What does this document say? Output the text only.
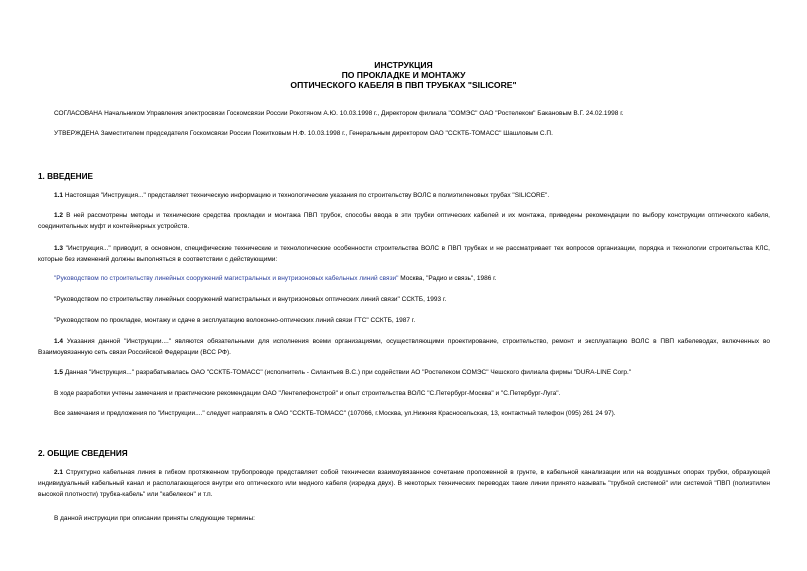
ИНСТРУКЦИЯ
ПО ПРОКЛАДКЕ И МОНТАЖУ
ОПТИЧЕСКОГО КАБЕЛЯ В ПВП ТРУБКАХ "SILICORE"
СОГЛАСОВАНА Начальником Управления электросвязи Госкомсвязи России Рокотяном А.Ю. 10.03.1998 г., Директором филиала "СОМЭС" ОАО "Ростелеком" Бакановым В.Г. 24.02.1998 г.
УТВЕРЖДЕНА Заместителем председателя Госкомсвязи России Пожитковым Н.Ф. 10.03.1998 г., Генеральным директором ОАО "ССКТБ-ТОМАСС" Шашловым С.П.
1. ВВЕДЕНИЕ
1.1 Настоящая "Инструкция..." представляет техническую информацию и технологические указания по строительству ВОЛС в полиэтиленовых трубах "SILICORE".
1.2 В ней рассмотрены методы и технические средства прокладки и монтажа ПВП трубок, способы ввода в эти трубки оптических кабелей и их монтажа, приведены рекомендации по выбору конструкции оптического кабеля, соединительных муфт и контейнерных устройств.
1.3 "Инструкция..." приводит, в основном, специфические технические и технологические особенности строительства ВОЛС в ПВП трубках и не рассматривает тех вопросов организации, порядка и технологии строительства КЛС, которые без изменений должны выполняться в соответствии с действующими:
"Руководством по строительству линейных сооружений магистральных и внутризоновых кабельных линий связи" Москва, "Радио и связь", 1986 г.
"Руководством по строительству линейных сооружений магистральных и внутризоновых оптических линий связи" ССКТБ, 1993 г.
"Руководством по прокладке, монтажу и сдаче в эксплуатацию волоконно-оптических линий связи ГТС" ССКТБ, 1987 г.
1.4 Указания данной "Инструкции...." являются обязательными для исполнения всеми организациями, осуществляющими проектирование, строительство, ремонт и эксплуатацию ВОЛС в ПВП кабелеводах, включенных во Взаимоувязанную сеть связи Российской Федерации (ВСС РФ).
1.5 Данная "Инструкция..." разрабатывалась ОАО "ССКТБ-ТОМАСС" (исполнитель - Силантьев В.С.) при содействии АО "Ростелеком СОМЭС" Чешского филиала фирмы "DURA-LINE Corp."
В ходе разработки учтены замечания и практические рекомендации ОАО "Лентелефонстрой" и опыт строительства ВОЛС "С.Петербург-Москва" и "С.Петербург-Луга".
Все замечания и предложения по "Инструкции...." следует направлять в ОАО "ССКТБ-ТОМАСС" (107066, г.Москва, ул.Нижняя Красносельская, 13, контактный телефон (095) 261 24 97).
2. ОБЩИЕ СВЕДЕНИЯ
2.1 Структурно кабельная линия в гибком протяженном трубопроводе представляет собой технически взаимоувязанное сочетание проложенной в грунте, в кабельной канализации или на воздушных опорах трубки, образующей индивидуальный кабельный канал и располагающегося внутри его оптического или медного кабеля (изредка двух). В некоторых технических переводах такие линии принято называть "трубной системой" или системой "ПВП (полиэтилен высокой плотности) трубка-кабель" или "кабелекон" и т.п.
В данной инструкции при описании приняты следующие термины:
